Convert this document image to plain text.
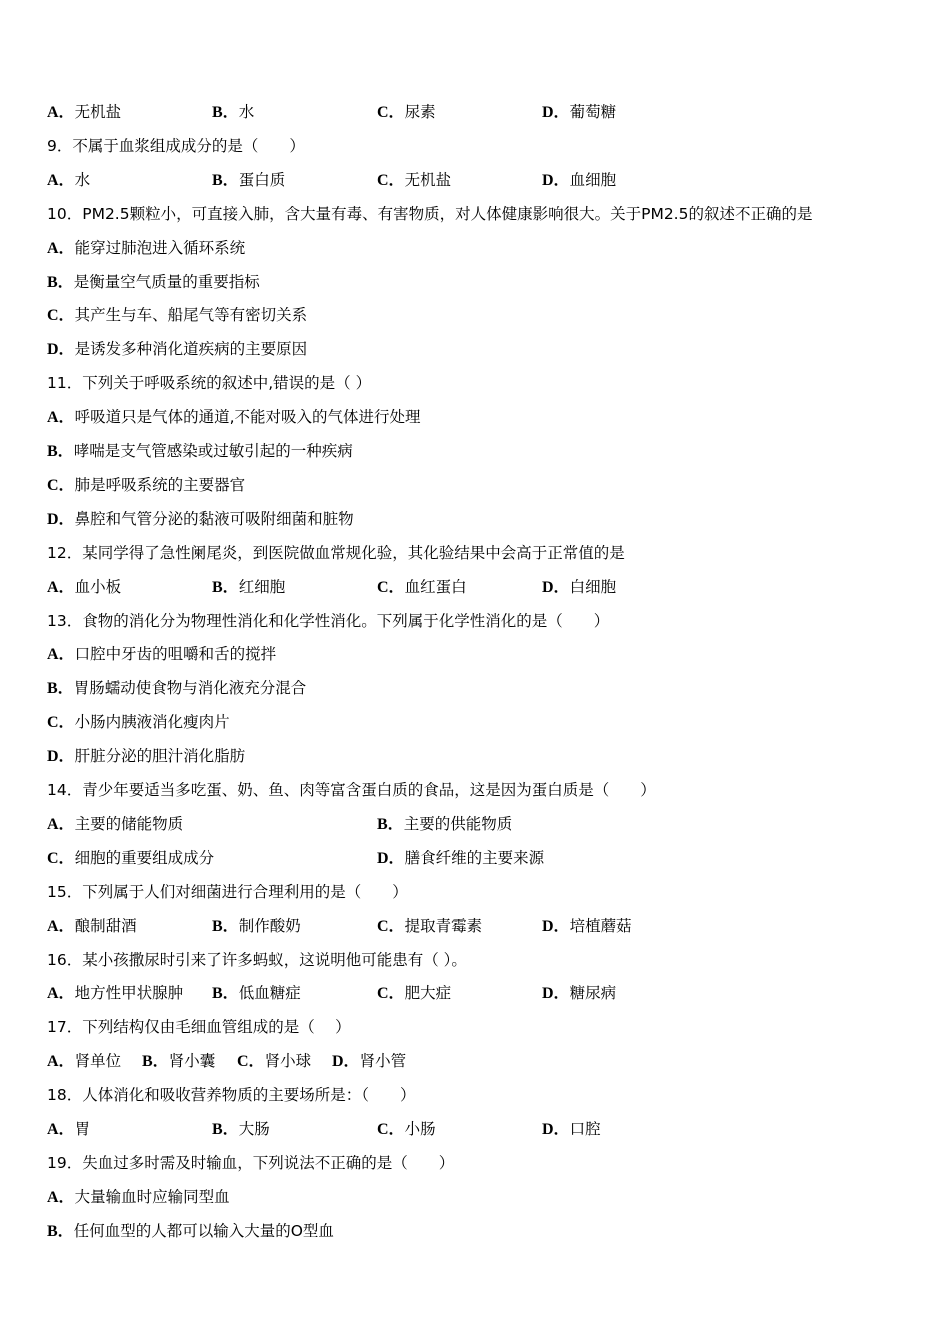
A．无机盐	B．水	C．尿素	D．葡萄糖
9．不属于血浆组成成分的是（　　）
A．水	B．蛋白质	C．无机盐	D．血细胞
10．PM2.5颗粒小，可直接入肺，含大量有毒、有害物质，对人体健康影响很大。关于PM2.5的叙述不正确的是
A．能穿过肺泡进入循环系统
B．是衡量空气质量的重要指标
C．其产生与车、船尾气等有密切关系
D．是诱发多种消化道疾病的主要原因
11．下列关于呼吸系统的叙述中,错误的是（ ）
A．呼吸道只是气体的通道,不能对吸入的气体进行处理
B．哮喘是支气管感染或过敏引起的一种疾病
C．肺是呼吸系统的主要器官
D．鼻腔和气管分泌的黏液可吸附细菌和脏物
12．某同学得了急性阑尾炎，到医院做血常规化验，其化验结果中会高于正常值的是
A．血小板	B．红细胞	C．血红蛋白	D．白细胞
13．食物的消化分为物理性消化和化学性消化。下列属于化学性消化的是（　　）
A．口腔中牙齿的咀嚼和舌的搅拌
B．胃肠蠕动使食物与消化液充分混合
C．小肠内胰液消化瘦肉片
D．肝脏分泌的胆汁消化脂肪
14．青少年要适当多吃蛋、奶、鱼、肉等富含蛋白质的食品，这是因为蛋白质是（　　）
A．主要的储能物质	B．主要的供能物质
C．细胞的重要组成成分	D．膳食纤维的主要来源
15．下列属于人们对细菌进行合理利用的是（　　）
A．酿制甜酒	B．制作酸奶	C．提取青霉素	D．培植蘑菇
16．某小孩撒尿时引来了许多蚂蚁，这说明他可能患有（ ）。
A．地方性甲状腺肿 B．低血糖症	C．肥大症	D．糖尿病
17．下列结构仅由毛细血管组成的是（　 ）
A．肾单位 B．肾小囊 C．肾小球 D．肾小管
18．人体消化和吸收营养物质的主要场所是：（　　）
A．胃	B．大肠	C．小肠	D．口腔
19．失血过多时需及时输血，下列说法不正确的是（　　）
A．大量输血时应输同型血
B．任何血型的人都可以输入大量的O型血
